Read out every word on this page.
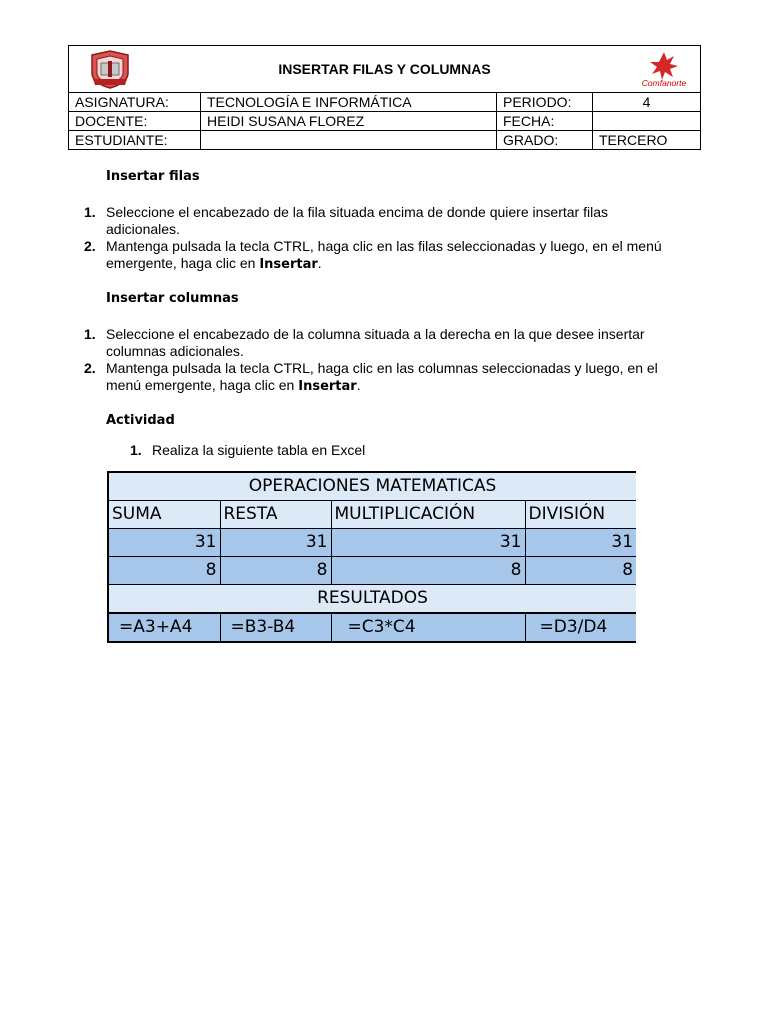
INSERTAR FILAS Y COLUMNAS
Comfanorte			

ASIGNATURA:	TECNOLOGÍA E INFORMÁTICA	PERIODO:	4
DOCENTE:	HEIDI SUSANA FLOREZ	FECHA:	
ESTUDIANTE:		GRADO:	TERCERO
Insertar filas
1. Seleccione el encabezado de la fila situada encima de donde quiere insertar filas adicionales.
2. Mantenga pulsada la tecla CTRL, haga clic en las filas seleccionadas y luego, en el menú emergente, haga clic en Insertar.
Insertar columnas
1. Seleccione el encabezado de la columna situada a la derecha en la que desee insertar columnas adicionales.
2. Mantenga pulsada la tecla CTRL, haga clic en las columnas seleccionadas y luego, en el menú emergente, haga clic en Insertar.
Actividad
1. Realiza la siguiente tabla en Excel
OPERACIONES MATEMATICAS			
SUMA	RESTA	MULTIPLICACIÓN	DIVISIÓN
31	31	31	31
8	8	8	8
RESULTADOS			
=A3+A4	=B3-B4	=C3*C4	=D3/D4
